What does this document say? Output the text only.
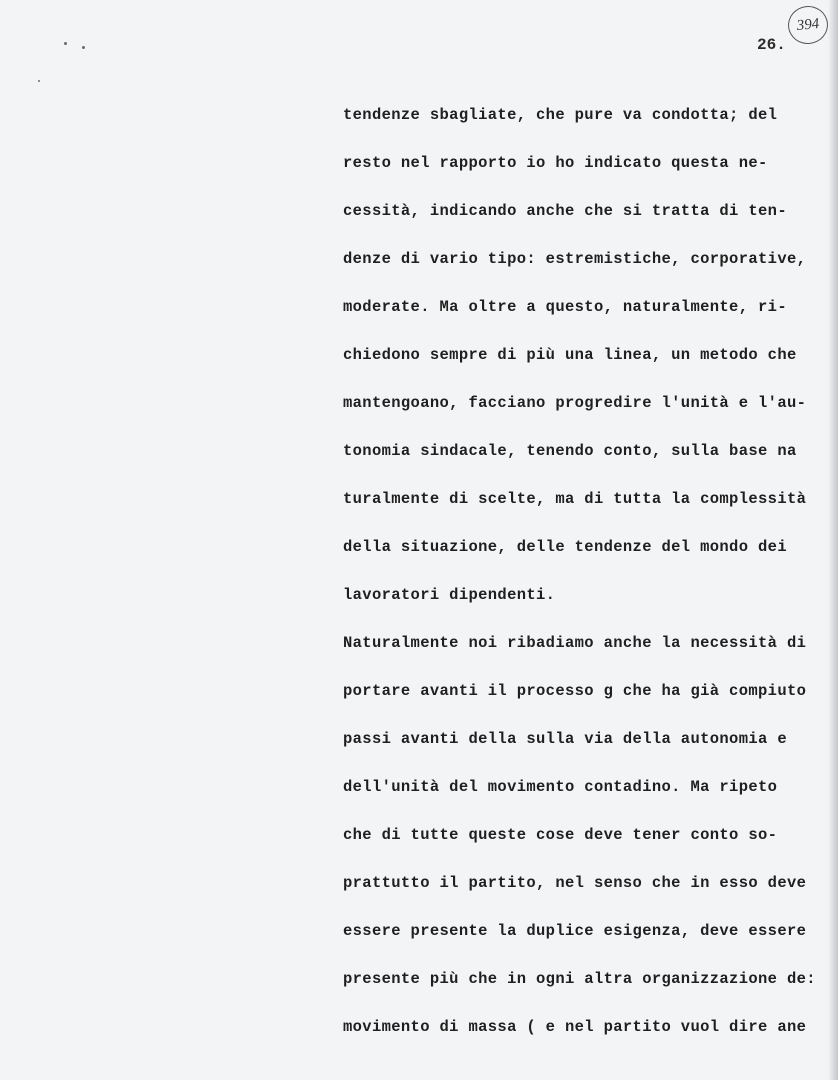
394
26.
tendenze sbagliate, che pure va condotta; del
resto nel rapporto io ho indicato questa ne-
cessità, indicando anche che si tratta di ten-
denze di vario tipo: estremistiche, corporative,
moderate. Ma oltre a questo, naturalmente, ri-
chiedono sempre di più una linea, un metodo che
mantengoano, facciano progredire l'unità e l'au-
tonomia sindacale, tenendo conto, sulla base na
turalmente di scelte, ma di tutta la complessità
della situazione, delle tendenze del mondo dei
lavoratori dipendenti.
Naturalmente noi ribadiamo anche la necessità di
portare avanti il processo g che ha già compiuto
passi avanti della sulla via della autonomia e
dell'unità del movimento contadino. Ma ripeto
che di tutte queste cose deve tener conto so-
prattutto il partito, nel senso che in esso deve
essere presente la duplice esigenza, deve essere
presente più che in ogni altra organizzazione de:
movimento di massa ( e nel partito vuol dire ane
